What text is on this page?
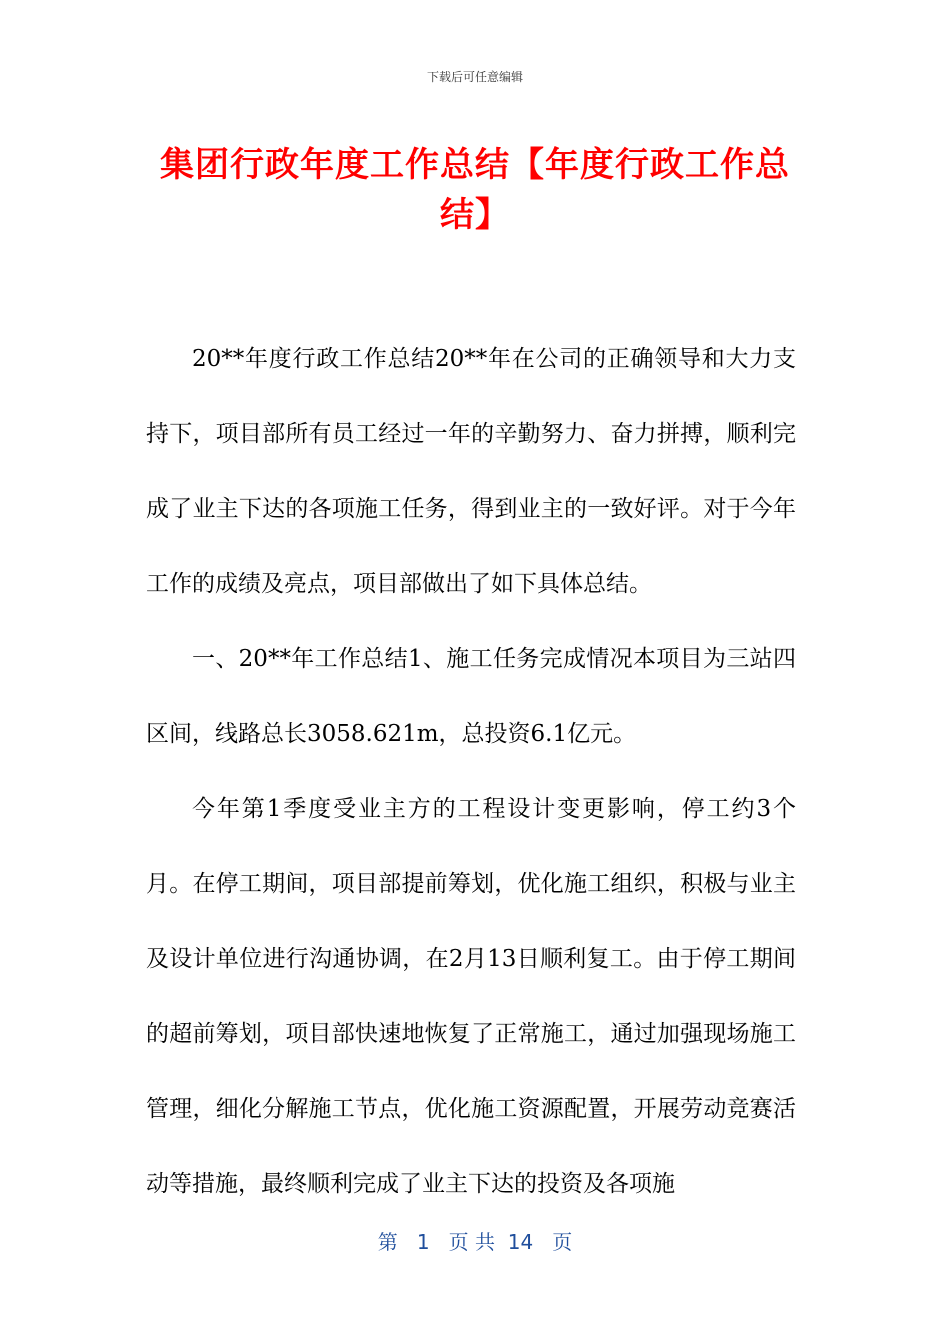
下载后可任意编辑
集团行政年度工作总结【年度行政工作总结】

20**年度行政工作总结20**年在公司的正确领导和大力支持下，项目部所有员工经过一年的辛勤努力、奋力拼搏，顺利完成了业主下达的各项施工任务，得到业主的一致好评。对于今年工作的成绩及亮点，项目部做出了如下具体总结。

一、20**年工作总结1、施工任务完成情况本项目为三站四区间，线路总长3058.621m，总投资6.1亿元。

今年第1季度受业主方的工程设计变更影响，停工约3个月。在停工期间，项目部提前筹划，优化施工组织，积极与业主及设计单位进行沟通协调，在2月13日顺利复工。由于停工期间的超前筹划，项目部快速地恢复了正常施工，通过加强现场施工管理，细化分解施工节点，优化施工资源配置，开展劳动竞赛活动等措施，最终顺利完成了业主下达的投资及各项施

第 1 页 共 14 页
